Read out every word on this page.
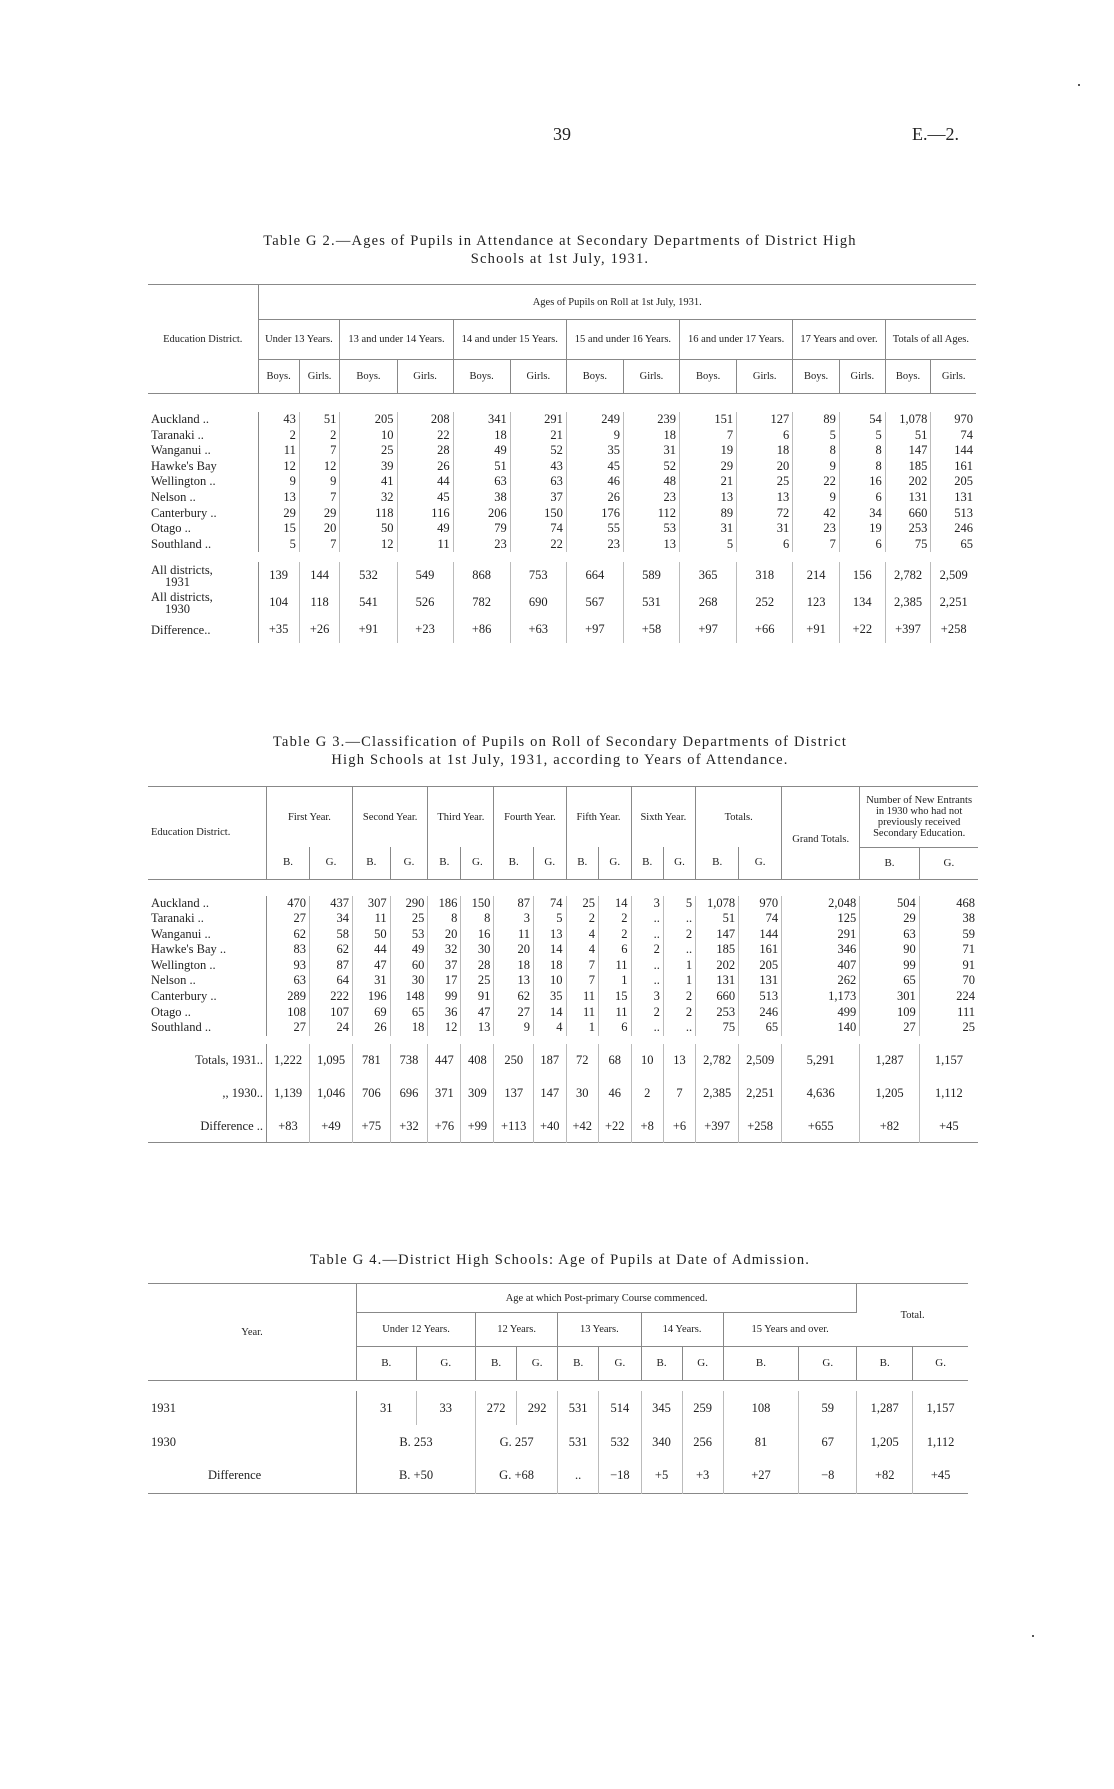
39	E.—2.
Table G 2.—Ages of Pupils in Attendance at Secondary Departments of District High
Schools at 1st July, 1931.
Education District.	Ages of Pupils on Roll at 1st July, 1931.													
	Under 13 Years.		13 and under 14 Years.		14 and under 15 Years.		15 and under 16 Years.		16 and under 17 Years.		17 Years and over.		Totals of all Ages.	
	Boys.	Girls.	Boys.	Girls.	Boys.	Girls.	Boys.	Girls.	Boys.	Girls.	Boys.	Girls.	Boys.	Girls.

Auckland ..	43	51	205	208	341	291	249	239	151	127	89	54	1,078	970
Taranaki ..	2	2	10	22	18	21	9	18	7	6	5	5	51	74
Wanganui ..	11	7	25	28	49	52	35	31	19	18	8	8	147	144
Hawke's Bay	12	12	39	26	51	43	45	52	29	20	9	8	185	161
Wellington ..	9	9	41	44	63	63	46	48	21	25	22	16	202	205
Nelson ..	13	7	32	45	38	37	26	23	13	13	9	6	131	131
Canterbury ..	29	29	118	116	206	150	176	112	89	72	42	34	660	513
Otago ..	15	20	50	49	79	74	55	53	31	31	23	19	253	246
Southland ..	5	7	12	11	23	22	23	13	5	6	7	6	75	65

All districts,
1931	139	144	532	549	868	753	664	589	365	318	214	156	2,782	2,509

All districts,
1930	104	118	541	526	782	690	567	531	268	252	123	134	2,385	2,251

Difference..	+35	+26	+91	+23	+86	+63	+97	+58	+97	+66	+91	+22	+397	+258
Table G 3.—Classification of Pupils on Roll of Secondary Departments of District
High Schools at 1st July, 1931, according to Years of Attendance.
Education District.	First Year.		Second Year.		Third Year.		Fourth Year.		Fifth Year.		Sixth Year.		Totals.		Grand Totals.	Number of New Entrants in 1930 who had not previously received Secondary Education.	
	B.	G.	B.	G.	B.	G.	B.	G.	B.	G.	B.	G.	B.	G.		B.	G.

Auckland ..	470	437	307	290	186	150	87	74	25	14	3	5	1,078	970	2,048	504	468
Taranaki ..	27	34	11	25	8	8	3	5	2	2	..	..	51	74	125	29	38
Wanganui ..	62	58	50	53	20	16	11	13	4	2	..	2	147	144	291	63	59
Hawke's Bay ..	83	62	44	49	32	30	20	14	4	6	2	..	185	161	346	90	71
Wellington ..	93	87	47	60	37	28	18	18	7	11	..	1	202	205	407	99	91
Nelson ..	63	64	31	30	17	25	13	10	7	1	..	1	131	131	262	65	70
Canterbury ..	289	222	196	148	99	91	62	35	11	15	3	2	660	513	1,173	301	224
Otago ..	108	107	69	65	36	47	27	14	11	11	2	2	253	246	499	109	111
Southland ..	27	24	26	18	12	13	9	4	1	6	..	..	75	65	140	27	25

Totals, 1931..	1,222	1,095	781	738	447	408	250	187	72	68	10	13	2,782	2,509	5,291	1,287	1,157
,, 1930..	1,139	1,046	706	696	371	309	137	147	30	46	2	7	2,385	2,251	4,636	1,205	1,112
Difference ..	+83	+49	+75	+32	+76	+99	+113	+40	+42	+22	+8	+6	+397	+258	+655	+82	+45

Table G 4.—District High Schools: Age of Pupils at Date of Admission.
Year.	Age at which Post-primary Course commenced.										Total.	
	Under 12 Years.		12 Years.		13 Years.		14 Years.		15 Years and over.			
	B.	G.	B.	G.	B.	G.	B.	G.	B.	G.	B.	G.

1931	31	33	272	292	531	514	345	259	108	59	1,287	1,157
1930	B. 253		G. 257		531	532	340	256	81	67	1,205	1,112
Difference	B. +50		G. +68		..	−18	+5	+3	+27	−8	+82	+45
